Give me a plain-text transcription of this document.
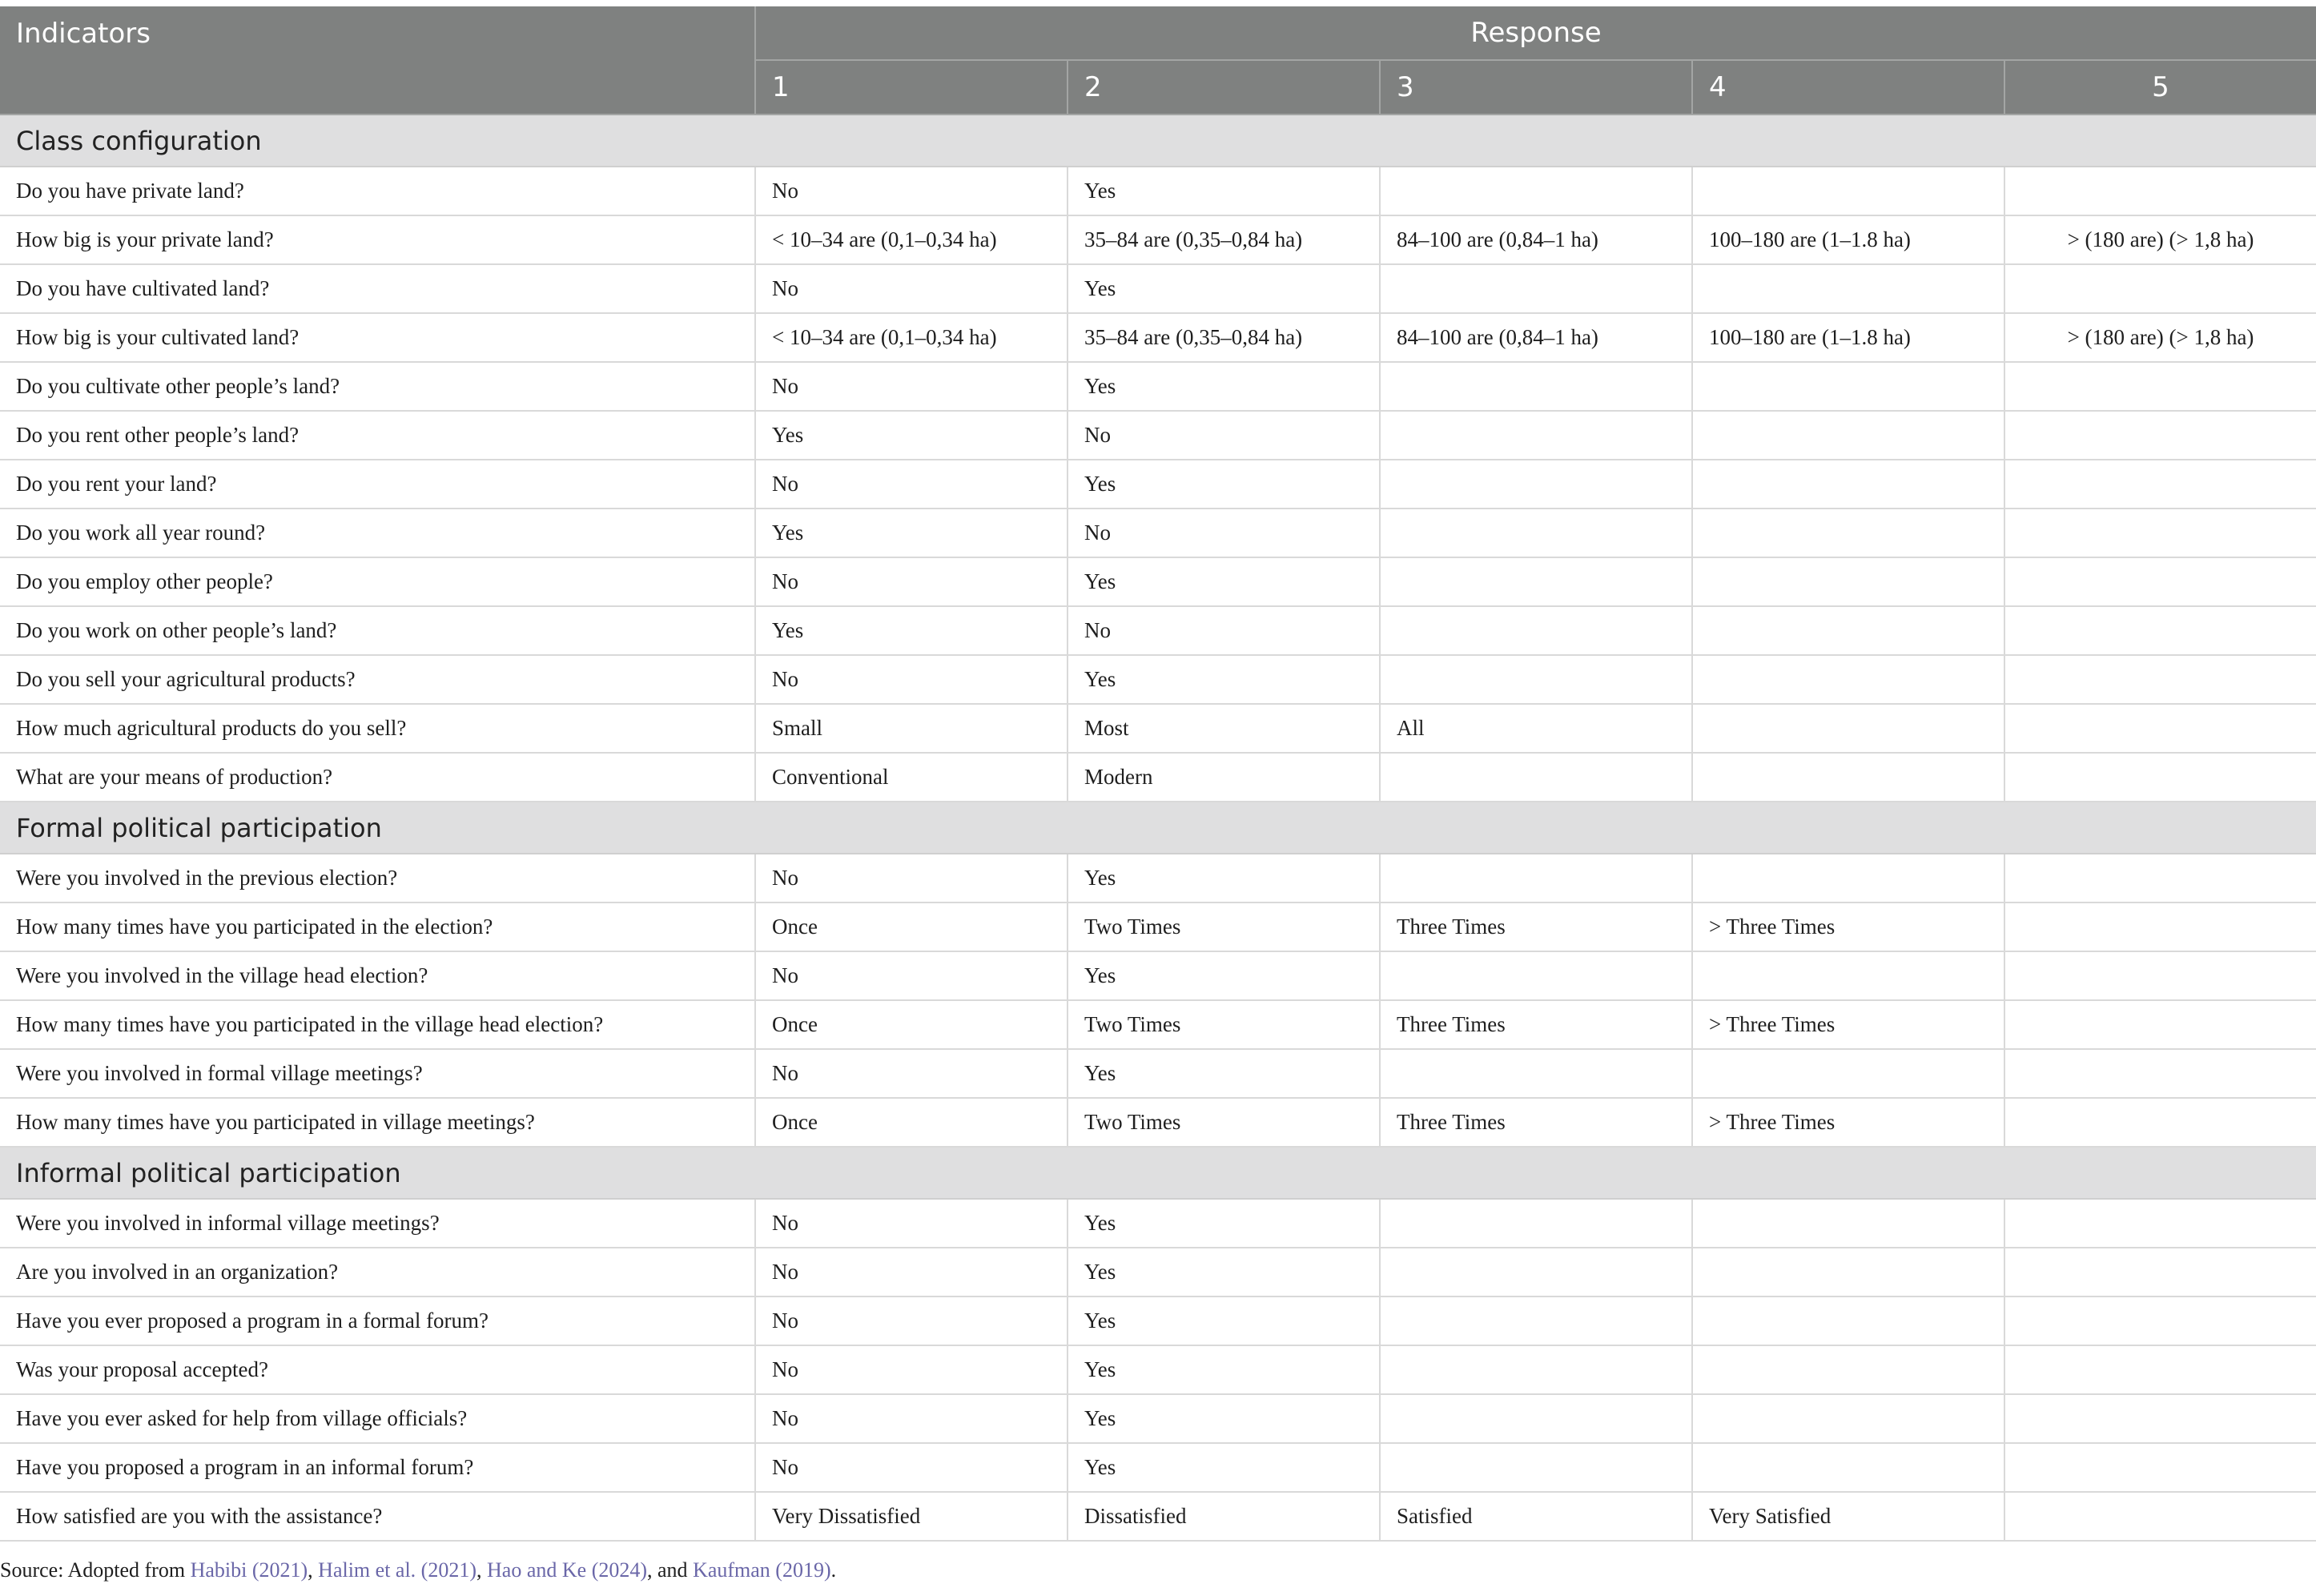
Indicators	Response				
	1	2	3	4	5
Class configuration					
Do you have private land?	No	Yes			
How big is your private land?	< 10–34 are (0,1–0,34 ha)	35–84 are (0,35–0,84 ha)	84–100 are (0,84–1 ha)	100–180 are (1–1.8 ha)	> (180 are) (> 1,8 ha)
Do you have cultivated land?	No	Yes			
How big is your cultivated land?	< 10–34 are (0,1–0,34 ha)	35–84 are (0,35–0,84 ha)	84–100 are (0,84–1 ha)	100–180 are (1–1.8 ha)	> (180 are) (> 1,8 ha)
Do you cultivate other people’s land?	No	Yes			
Do you rent other people’s land?	Yes	No			
Do you rent your land?	No	Yes			
Do you work all year round?	Yes	No			
Do you employ other people?	No	Yes			
Do you work on other people’s land?	Yes	No			
Do you sell your agricultural products?	No	Yes			
How much agricultural products do you sell?	Small	Most	All		
What are your means of production?	Conventional	Modern			
Formal political participation					
Were you involved in the previous election?	No	Yes			
How many times have you participated in the election?	Once	Two Times	Three Times	> Three Times	
Were you involved in the village head election?	No	Yes			
How many times have you participated in the village head election?	Once	Two Times	Three Times	> Three Times	
Were you involved in formal village meetings?	No	Yes			
How many times have you participated in village meetings?	Once	Two Times	Three Times	> Three Times	
Informal political participation					
Were you involved in informal village meetings?	No	Yes			
Are you involved in an organization?	No	Yes			
Have you ever proposed a program in a formal forum?	No	Yes			
Was your proposal accepted?	No	Yes			
Have you ever asked for help from village officials?	No	Yes			
Have you proposed a program in an informal forum?	No	Yes			
How satisfied are you with the assistance?	Very Dissatisfied	Dissatisfied	Satisfied	Very Satisfied	
Source: Adopted from Habibi (2021), Halim et al. (2021), Hao and Ke (2024), and Kaufman (2019).
